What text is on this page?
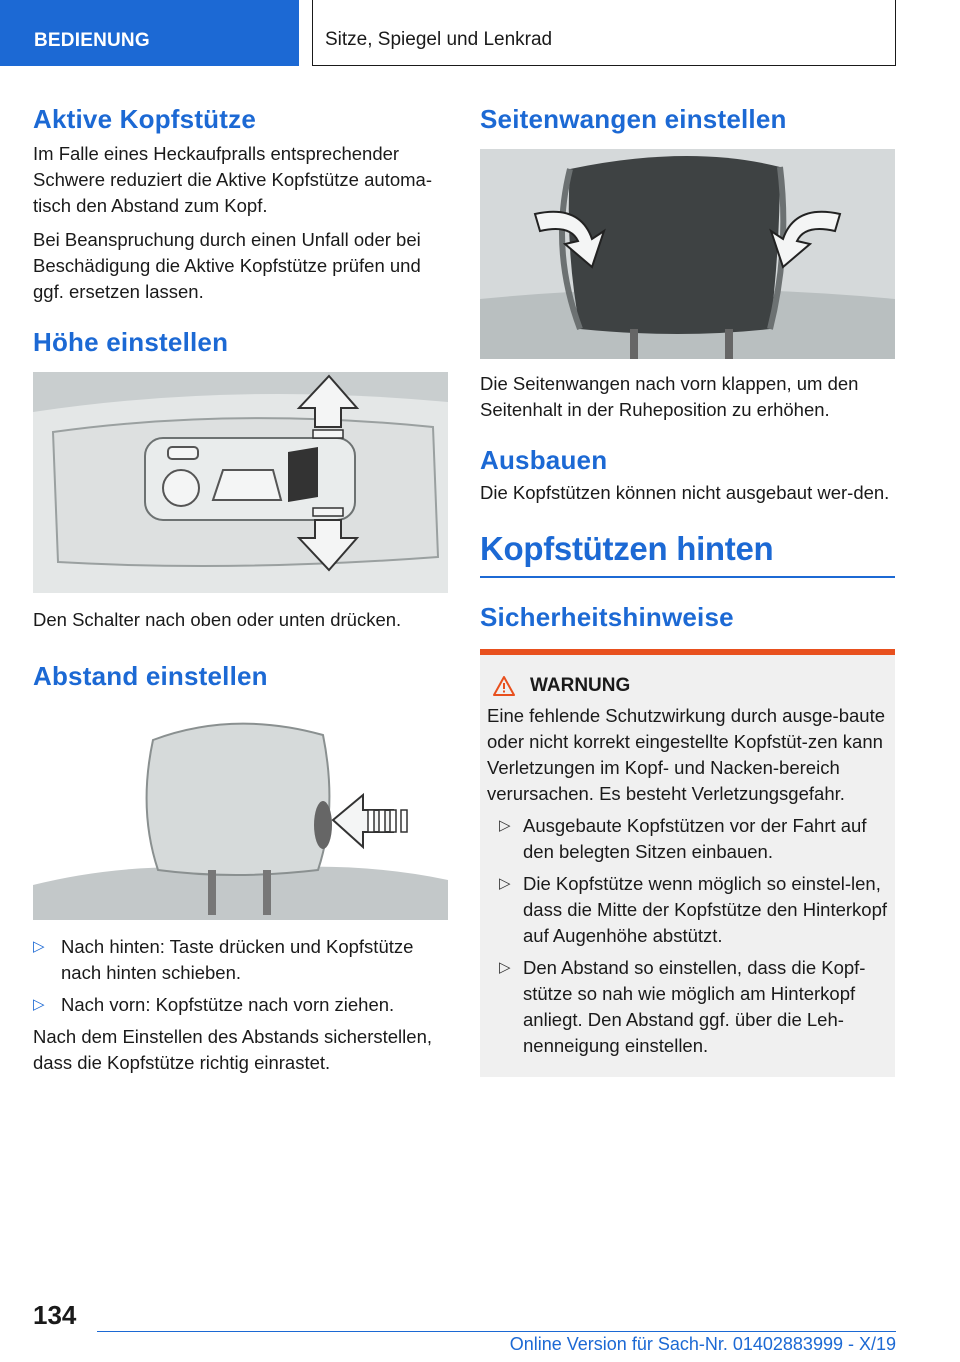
BEDIENUNG	Sitze, Spiegel und Lenkrad
Aktive Kopfstütze

Im Falle eines Heckaufpralls entsprechender Schwere reduziert die Aktive Kopfstütze automa-tisch den Abstand zum Kopf.

Bei Beanspruchung durch einen Unfall oder bei Beschädigung die Aktive Kopfstütze prüfen und ggf. ersetzen lassen.

Höhe einstellen

Den Schalter nach oben oder unten drücken.

Abstand einstellen
▷ Nach hinten: Taste drücken und Kopfstütze nach hinten schieben.
▷ Nach vorn: Kopfstütze nach vorn ziehen.

Nach dem Einstellen des Abstands sicherstellen, dass die Kopfstütze richtig einrastet.

Seitenwangen einstellen

Die Seitenwangen nach vorn klappen, um den Seitenhalt in der Ruheposition zu erhöhen.

Ausbauen

Die Kopfstützen können nicht ausgebaut wer-den.

Kopfstützen hinten
Sicherheitshinweise
WARNUNG

Eine fehlende Schutzwirkung durch ausge-baute oder nicht korrekt eingestellte Kopfstüt-zen kann Verletzungen im Kopf- und Nacken-bereich verursachen. Es besteht Verletzungsgefahr.

▷ Ausgebaute Kopfstützen vor der Fahrt auf den belegten Sitzen einbauen.
▷ Die Kopfstütze wenn möglich so einstel-len, dass die Mitte der Kopfstütze den Hinterkopf auf Augenhöhe abstützt.
▷ Den Abstand so einstellen, dass die Kopf-stütze so nah wie möglich am Hinterkopf anliegt. Den Abstand ggf. über die Leh-nenneigung einstellen.
134
Online Version für Sach-Nr. 01402883999 - X/19
